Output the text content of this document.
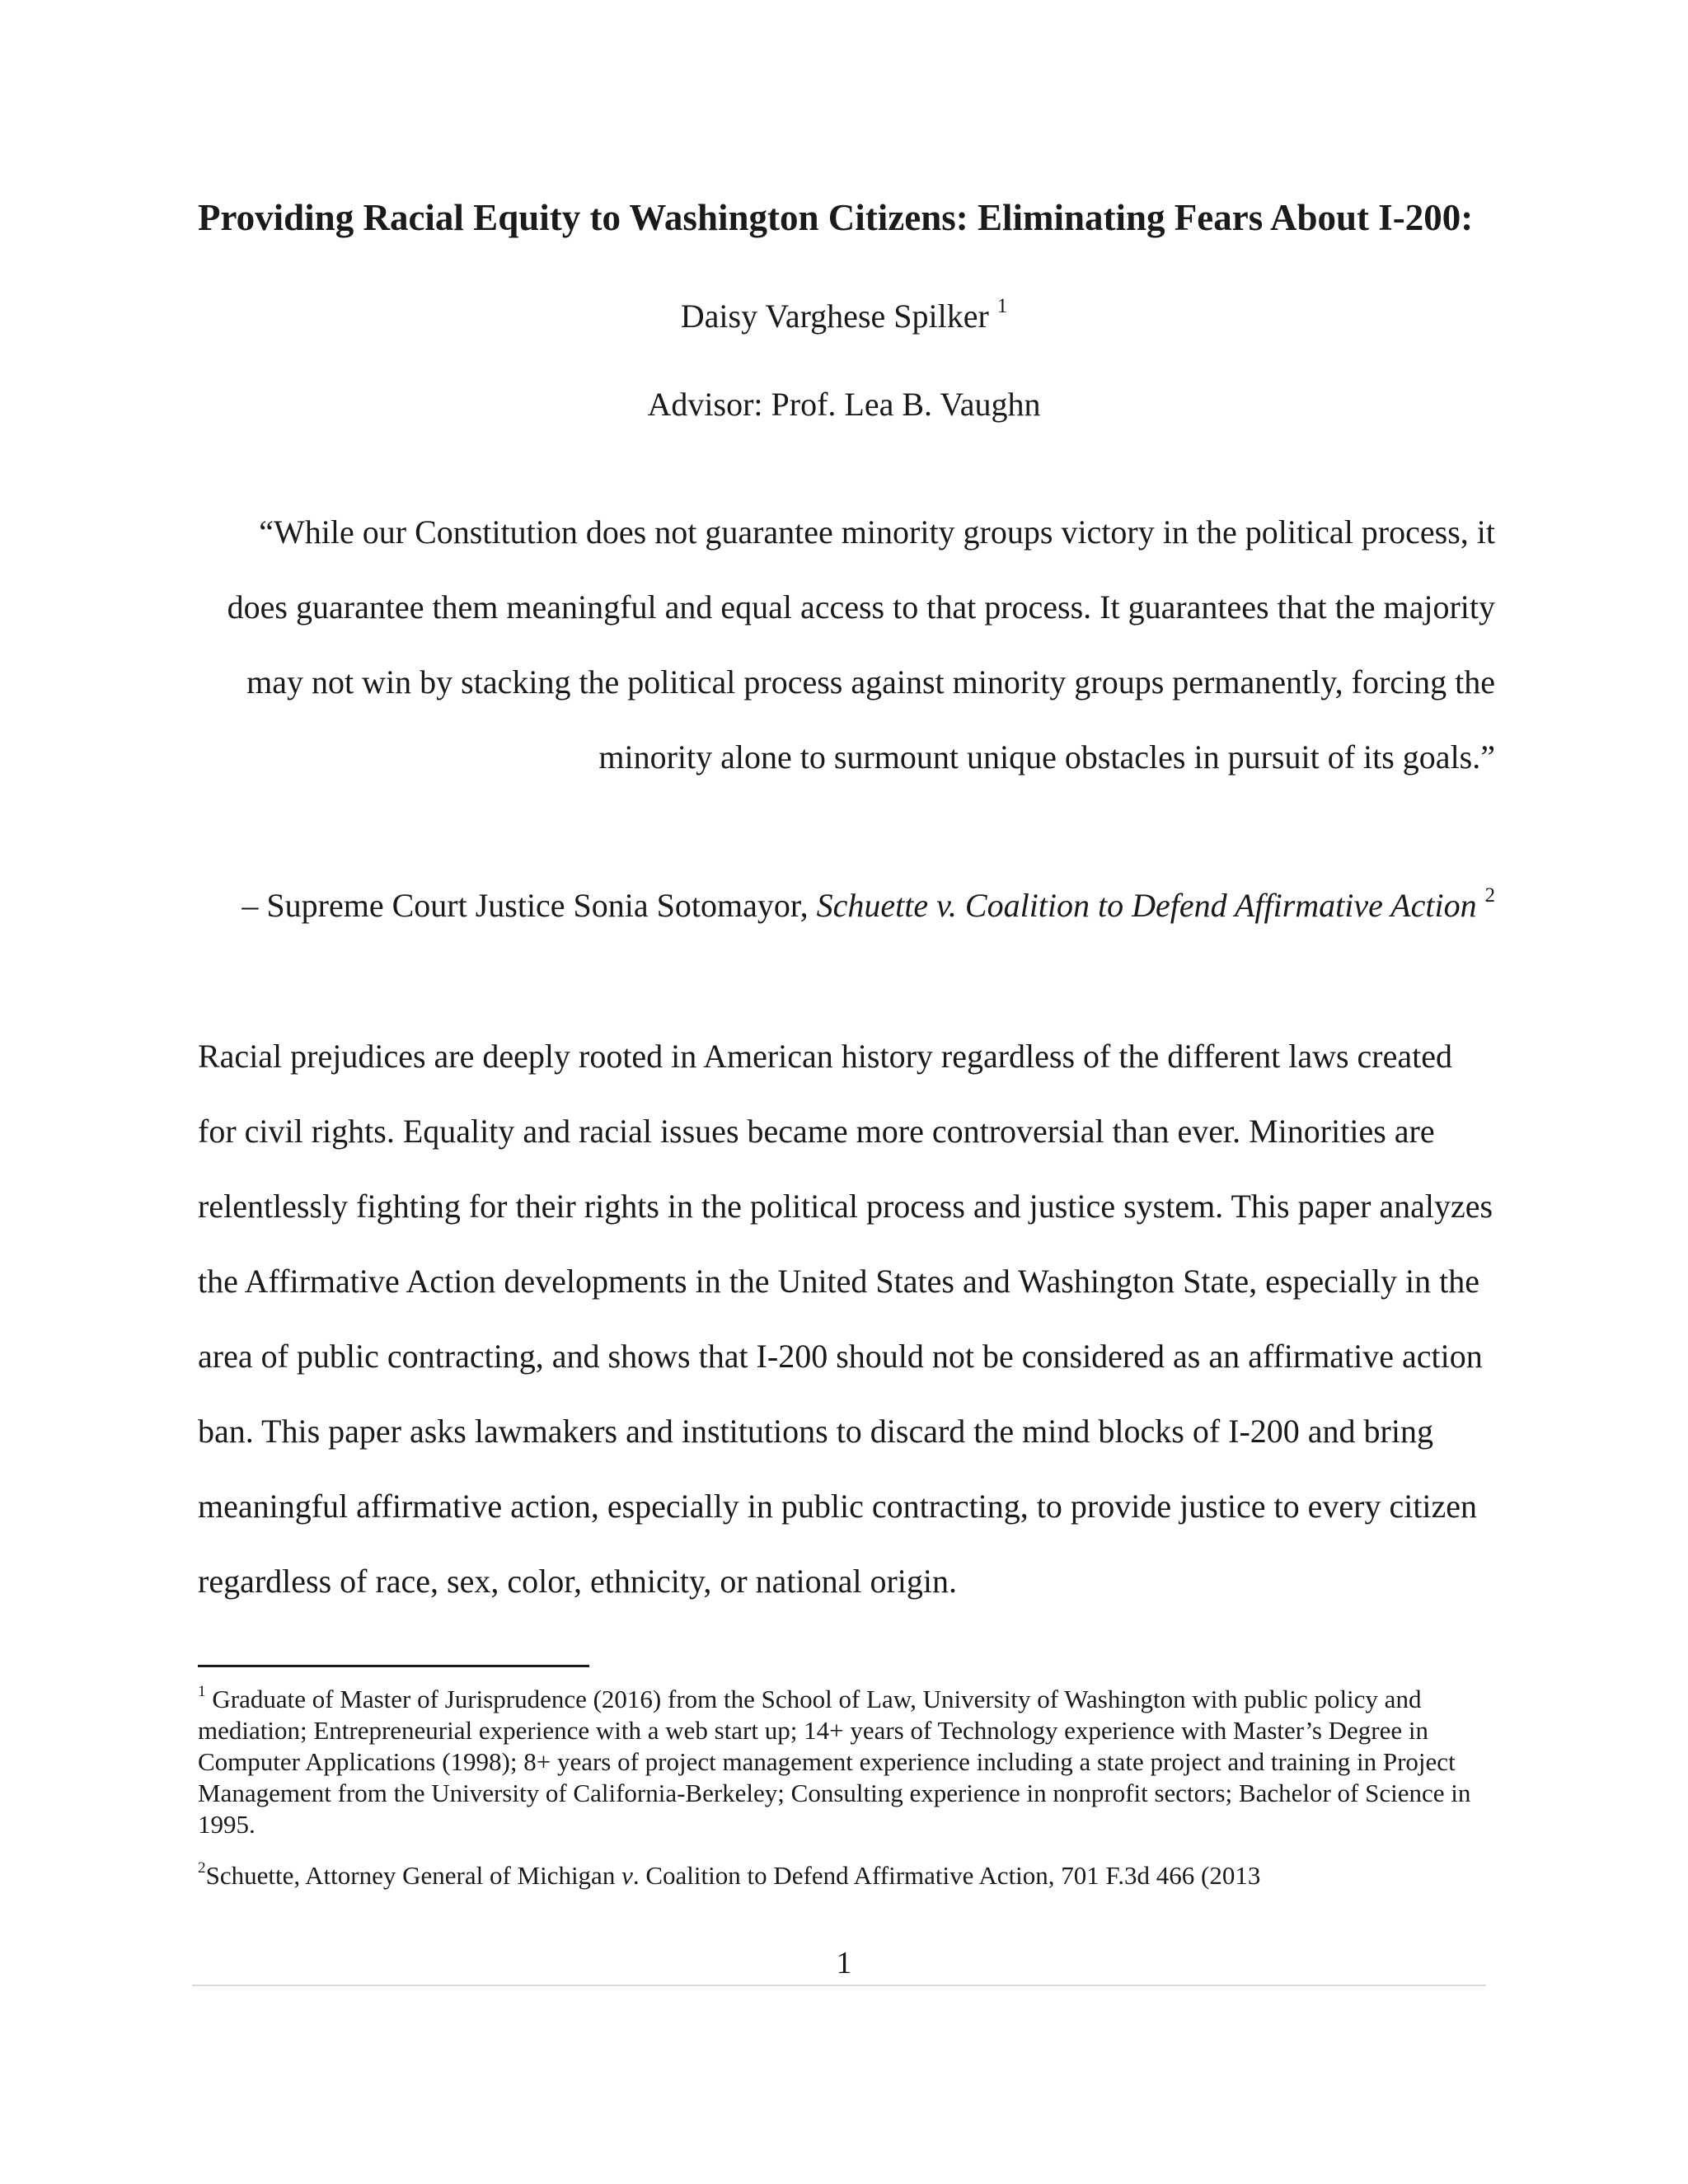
Providing Racial Equity to Washington Citizens: Eliminating Fears About I-200:
Daisy Varghese Spilker $^1$
Advisor: Prof. Lea B. Vaughn
“While our Constitution does not guarantee minority groups victory in the political process, it
does guarantee them meaningful and equal access to that process. It guarantees that the majority
may not win by stacking the political process against minority groups permanently, forcing the
minority alone to surmount unique obstacles in pursuit of its goals.”
– Supreme Court Justice Sonia Sotomayor, Schuette v. Coalition to Defend Affirmative Action $^2$
Racial prejudices are deeply rooted in American history regardless of the different laws created
for civil rights. Equality and racial issues became more controversial than ever. Minorities are
relentlessly fighting for their rights in the political process and justice system. This paper analyzes
the Affirmative Action developments in the United States and Washington State, especially in the
area of public contracting, and shows that I-200 should not be considered as an affirmative action
ban. This paper asks lawmakers and institutions to discard the mind blocks of I-200 and bring
meaningful affirmative action, especially in public contracting, to provide justice to every citizen
regardless of race, sex, color, ethnicity, or national origin.
$^1$ Graduate of Master of Jurisprudence (2016) from the School of Law, University of Washington with public policy and mediation; Entrepreneurial experience with a web start up; 14+ years of Technology experience with Master’s Degree in Computer Applications (1998); 8+ years of project management experience including a state project and training in Project Management from the University of California-Berkeley; Consulting experience in nonprofit sectors; Bachelor of Science in 1995.
$^2$Schuette, Attorney General of Michigan v. Coalition to Defend Affirmative Action, 701 F.3d 466 (2013
1
